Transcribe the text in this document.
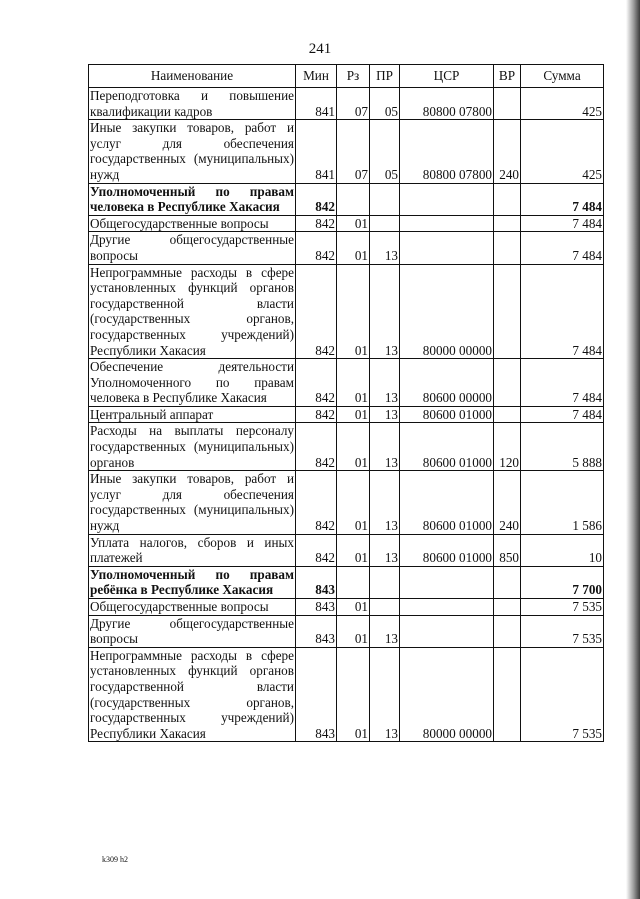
241
Наименование	Мин	Рз	ПР	ЦСР	ВР	Сумма
Переподготовка и повышение квалификации кадров	841	07	05	80800 07800		425
Иные закупки товаров, работ и услуг для обеспечения государственных (муниципальных) нужд	841	07	05	80800 07800	240	425
Уполномоченный по правам человека в Республике Хакасия	842					7 484
Общегосударственные вопросы	842	01				7 484
Другие общегосударственные вопросы	842	01	13			7 484
Непрограммные расходы в сфере установленных функций органов государственной власти (государственных органов, государственных учреждений) Республики Хакасия	842	01	13	80000 00000		7 484
Обеспечение деятельности Уполномоченного по правам человека в Республике Хакасия	842	01	13	80600 00000		7 484
Центральный аппарат	842	01	13	80600 01000		7 484
Расходы на выплаты персоналу государственных (муниципальных) органов	842	01	13	80600 01000	120	5 888
Иные закупки товаров, работ и услуг для обеспечения государственных (муниципальных) нужд	842	01	13	80600 01000	240	1 586
Уплата налогов, сборов и иных платежей	842	01	13	80600 01000	850	10
Уполномоченный по правам ребёнка в Республике Хакасия	843					7 700
Общегосударственные вопросы	843	01				7 535
Другие общегосударственные вопросы	843	01	13			7 535
Непрограммные расходы в сфере установленных функций органов государственной власти (государственных органов, государственных учреждений) Республики Хакасия	843	01	13	80000 00000		7 535
k309 h2
